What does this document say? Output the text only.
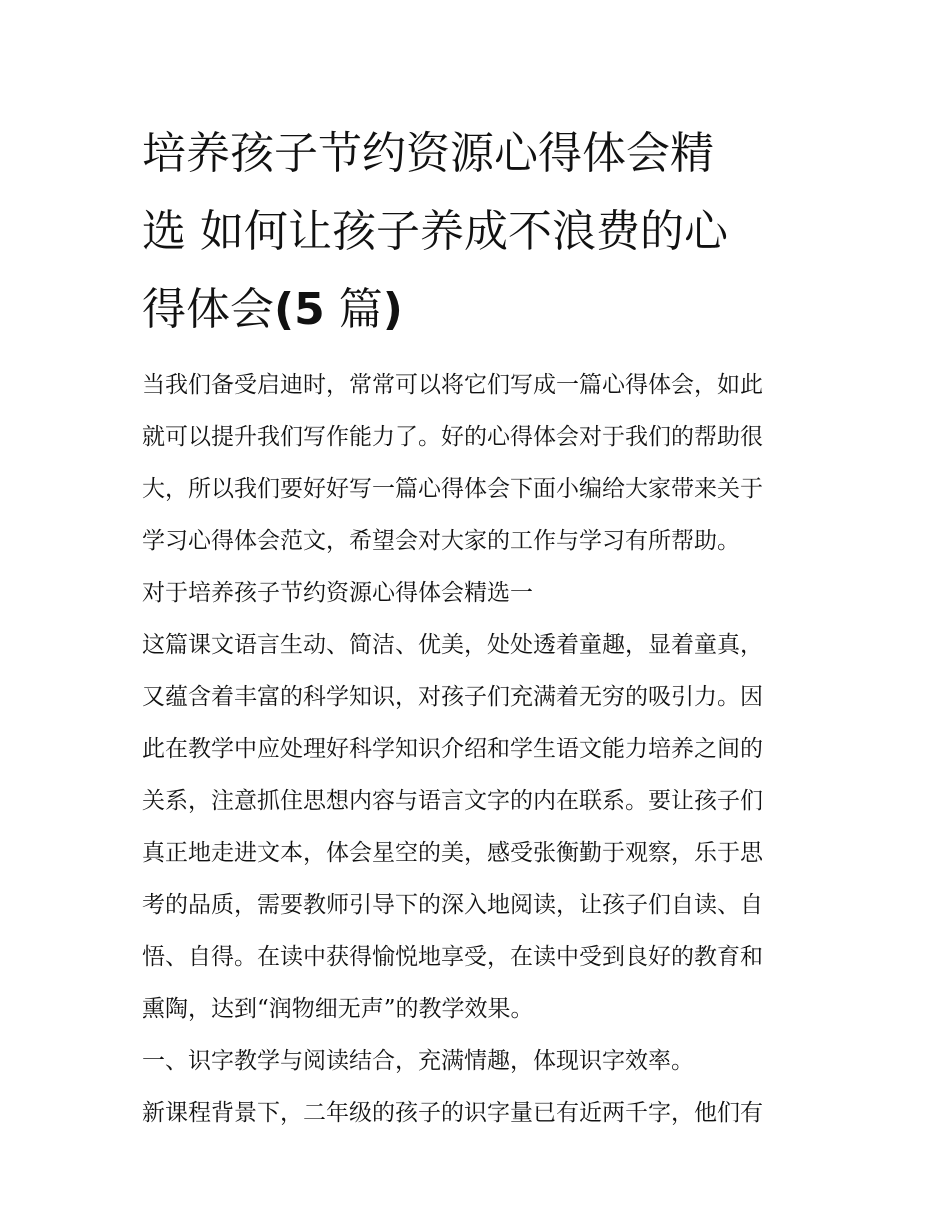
培养孩子节约资源心得体会精
选 如何让孩子养成不浪费的心
得体会(5 篇)

当我们备受启迪时，常常可以将它们写成一篇心得体会，如此
就可以提升我们写作能力了。好的心得体会对于我们的帮助很
大，所以我们要好好写一篇心得体会下面小编给大家带来关于
学习心得体会范文，希望会对大家的工作与学习有所帮助。

对于培养孩子节约资源心得体会精选一

这篇课文语言生动、简洁、优美，处处透着童趣，显着童真，
又蕴含着丰富的科学知识，对孩子们充满着无穷的吸引力。因
此在教学中应处理好科学知识介绍和学生语文能力培养之间的
关系，注意抓住思想内容与语言文字的内在联系。要让孩子们
真正地走进文本，体会星空的美，感受张衡勤于观察，乐于思
考的品质，需要教师引导下的深入地阅读，让孩子们自读、自
悟、自得。在读中获得愉悦地享受，在读中受到良好的教育和
熏陶，达到“润物细无声”的教学效果。

一、识字教学与阅读结合，充满情趣，体现识字效率。

新课程背景下，二年级的孩子的识字量已有近两千字，他们有
